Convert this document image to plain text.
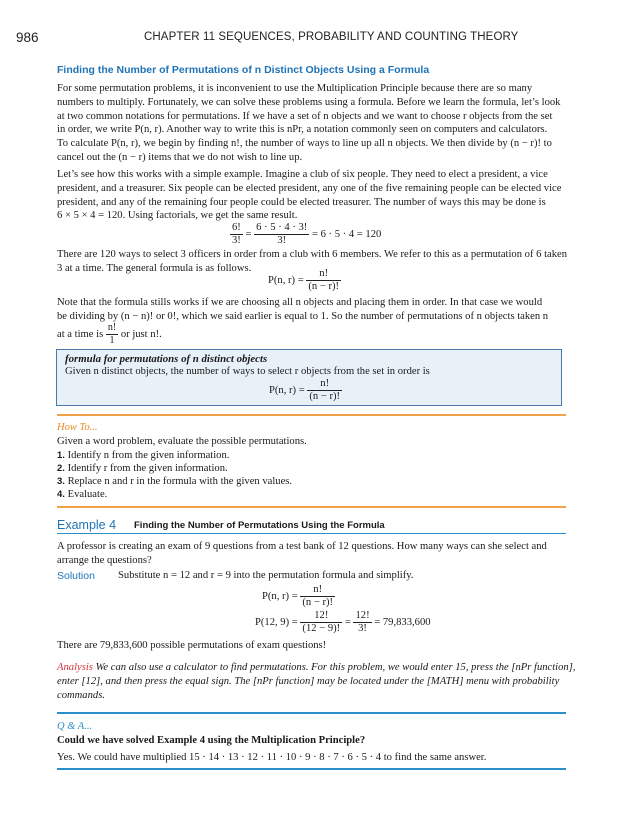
986	CHAPTER 11 SEQUENCES, PROBABILITY AND COUNTING THEORY
Finding the Number of Permutations of n Distinct Objects Using a Formula
For some permutation problems, it is inconvenient to use the Multiplication Principle because there are so many
numbers to multiply. Fortunately, we can solve these problems using a formula. Before we learn the formula, let’s look
at two common notations for permutations. If we have a set of n objects and we want to choose r objects from the set
in order, we write P(n, r). Another way to write this is nPr, a notation commonly seen on computers and calculators.
To calculate P(n, r), we begin by finding n!, the number of ways to line up all n objects. We then divide by (n − r)! to
cancel out the (n − r) items that we do not wish to line up.
Let’s see how this works with a simple example. Imagine a club of six people. They need to elect a president, a vice
president, and a treasurer. Six people can be elected president, any one of the five remaining people can be elected vice
president, and any of the remaining four people could be elected treasurer. The number of ways this may be done is
6 × 5 × 4 = 120. Using factorials, we get the same result.
$\frac{6!}{3!} = \frac{6 \cdot 5 \cdot 4 \cdot 3!}{3!} = 6 \cdot 5 \cdot 4 = 120$
There are 120 ways to select 3 officers in order from a club with 6 members. We refer to this as a permutation of 6 taken
3 at a time. The general formula is as follows.
P(n, $r) = \frac{n!}{(n - r)!}$
Note that the formula stills works if we are choosing all n objects and placing them in order. In that case we would
be dividing by (n − n)! or 0!, which we said earlier is equal to 1. So the number of permutations of n objects taken n
at a time is $\frac{n!}{1}$ or just n!.
formula for permutations of n distinct objects
Given n distinct objects, the number of ways to select r objects from the set in order is
P(n, $r) = \frac{n!}{(n - r)!}$
How To...
Given a word problem, evaluate the possible permutations.
1. Identify n from the given information.
2. Identify r from the given information.
3. Replace n and r in the formula with the given values.
4. Evaluate.
Example 4 Finding the Number of Permutations Using the Formula
A professor is creating an exam of 9 questions from a test bank of 12 questions. How many ways can she select and
arrange the questions?
Solution Substitute n = 12 and r = 9 into the permutation formula and simplify.
P(n, $r) = \frac{n!}{(n - r)!}$
P(12, $9) = \frac{12!}{(12 - 9)!} = \frac{12!}{3!} = 79,833,600$
There are 79,833,600 possible permutations of exam questions!
Analysis We can also use a calculator to find permutations. For this problem, we would enter 15, press the [nPr function],
enter [12], and then press the equal sign. The [nPr function] may be located under the [MATH] menu with probability
commands.
Q & A...
Could we have solved Example 4 using the Multiplication Principle?
Yes. We could have multiplied 15 · 14 · 13 · 12 · 11 · 10 · 9 · 8 · 7 · 6 · 5 · 4 to find the same answer.
